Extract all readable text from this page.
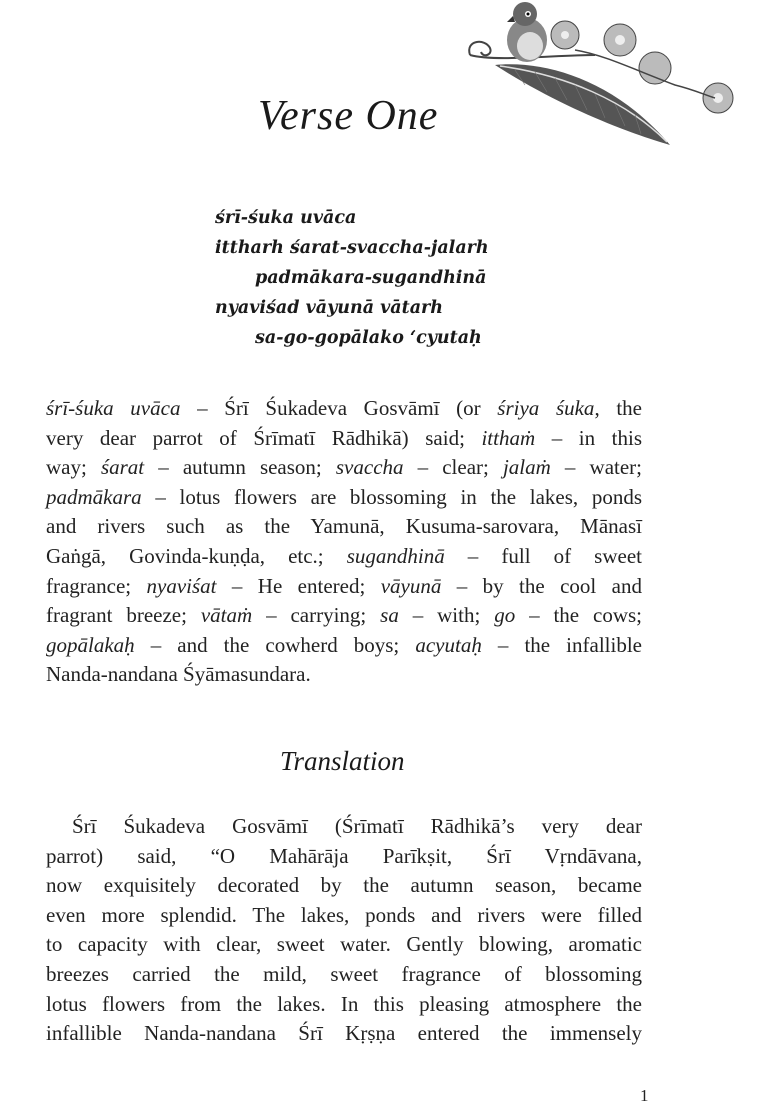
Verse One
śrī-śuka uvāca
ittharh śarat-svaccha-jalarh
padmākara-sugandhinā
nyaviśad vāyunā vātarh
sa-go-gopālako ‘cyutaḥ
śrī-śuka uvāca – Śrī Śukadeva Gosvāmī (or śriya śuka, the
very dear parrot of Śrīmatī Rādhikā) said; itthaṁ – in this
way; śarat – autumn season; svaccha – clear; jalaṁ – water;
padmākara – lotus flowers are blossoming in the lakes, ponds
and rivers such as the Yamunā, Kusuma-sarovara, Mānasī
Gaṅgā, Govinda-kuṇḍa, etc.; sugandhinā – full of sweet
fragrance; nyaviśat – He entered; vāyunā – by the cool and
fragrant breeze; vātaṁ – carrying; sa – with; go – the cows;
gopālakaḥ – and the cowherd boys; acyutaḥ – the infallible
Nanda-nandana Śyāmasundara.
Translation
Śrī Śukadeva Gosvāmī (Śrīmatī Rādhikā’s very dear
parrot) said, “O Mahārāja Parīkṣit, Śrī Vṛndāvana,
now exquisitely decorated by the autumn season, became
even more splendid. The lakes, ponds and rivers were filled
to capacity with clear, sweet water. Gently blowing, aromatic
breezes carried the mild, sweet fragrance of blossoming
lotus flowers from the lakes. In this pleasing atmosphere the
infallible Nanda-nandana Śrī Kṛṣṇa entered the immensely
1
